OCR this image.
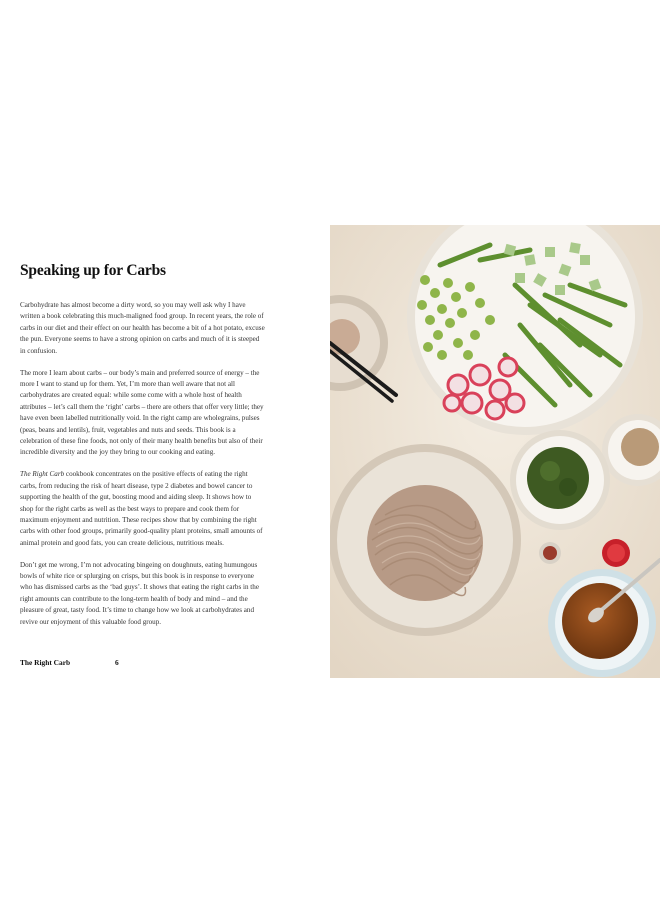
Speaking up for Carbs

Carbohydrate has almost become a dirty word, so you may well ask why I have written a book celebrating this much-maligned food group. In recent years, the role of carbs in our diet and their effect on our health has become a bit of a hot potato, excuse the pun. Everyone seems to have a strong opinion on carbs and much of it is steeped in confusion.

The more I learn about carbs – our body’s main and preferred source of energy – the more I want to stand up for them. Yet, I’m more than well aware that not all carbohydrates are created equal: while some come with a whole host of health attributes – let’s call them the ‘right’ carbs – there are others that offer very little; they have even been labelled nutritionally void. In the right camp are wholegrains, pulses (peas, beans and lentils), fruit, vegetables and nuts and seeds. This book is a celebration of these fine foods, not only of their many health benefits but also of their incredible diversity and the joy they bring to our cooking and eating.

The Right Carb cookbook concentrates on the positive effects of eating the right carbs, from reducing the risk of heart disease, type 2 diabetes and bowel cancer to supporting the health of the gut, boosting mood and aiding sleep. It shows how to shop for the right carbs as well as the best ways to prepare and cook them for maximum enjoyment and nutrition. These recipes show that by combining the right carbs with other food groups, primarily good-quality plant proteins, small amounts of animal protein and good fats, you can create delicious, nutritious meals.

Don’t get me wrong, I’m not advocating bingeing on doughnuts, eating humungous bowls of white rice or splurging on crisps, but this book is in response to everyone who has dismissed carbs as the ‘bad guys’. It shows that eating the right carbs in the right amounts can contribute to the long-term health of body and mind – and the pleasure of great, tasty food. It’s time to change how we look at carbohydrates and revive our enjoyment of this valuable food group.

The Right Carb	6
